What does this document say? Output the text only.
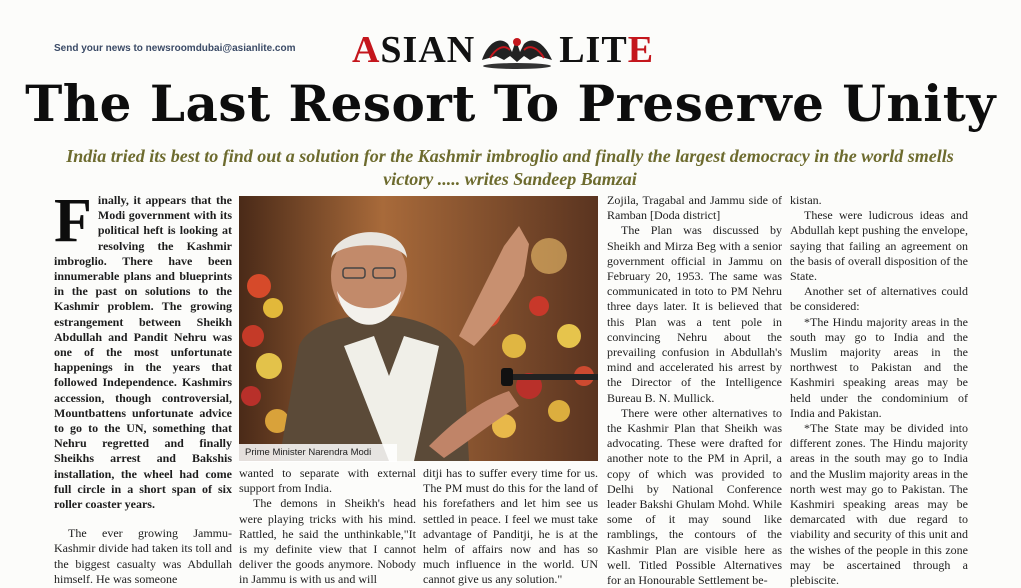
Send your news to newsroomdubai@asianlite.com ASIAN LITE
The Last Resort To Preserve Unity
India tried its best to find out a solution for the Kashmir imbroglio and finally the largest democracy in the world smells victory ..... writes Sandeep Bamzai

Finally, it appears that the Modi government with its political heft is looking at resolving the Kashmir imbroglio. There have been innumerable plans and blueprints in the past on solutions to the Kashmir problem. The growing estrangement between Sheikh Abdullah and Pandit Nehru was one of the most unfortunate happenings in the years that followed Independence. Kashmirs accession, though controversial, Mountbattens unfortunate advice to go to the UN, something that Nehru regretted and finally Sheikhs arrest and Bakshis installation, the wheel had come full circle in a short span of six roller coaster years.

The ever growing Jammu-Kashmir divide had taken its toll and the biggest casualty was Abdullah himself. He was someone

Prime Minister Narendra Modi

wanted to separate with external support from India.

The demons in Sheikh's head were playing tricks with his mind. Rattled, he said the unthinkable,"It is my definite view that I cannot deliver the goods anymore. Nobody in Jammu is with us and will

ditji has to suffer every time for us. The PM must do this for the land of his forefathers and let him see us settled in peace. I feel we must take advantage of Panditji, he is at the helm of affairs now and has so much influence in the world. UN cannot give us any solution."

Zojila, Tragabal and Jammu side of Ramban [Doda district]

The Plan was discussed by Sheikh and Mirza Beg with a senior government official in Jammu on February 20, 1953. The same was communicated in toto to PM Nehru three days later. It is believed that this Plan was a tent pole in convincing Nehru about the prevailing confusion in Abdullah's mind and accelerated his arrest by the Director of the Intelligence Bureau B. N. Mullick.

There were other alternatives to the Kashmir Plan that Sheikh was advocating. These were drafted for another note to the PM in April, a copy of which was provided to Delhi by National Conference leader Bakshi Ghulam Mohd. While some of it may sound like ramblings, the contours of the Kashmir Plan are visible here as well. Titled Possible Alternatives for an Honourable Settlement be-

kistan.

These were ludicrous ideas and Abdullah kept pushing the envelope, saying that failing an agreement on the basis of overall disposition of the State.

Another set of alternatives could be considered:

*The Hindu majority areas in the south may go to India and the Muslim majority areas in the northwest to Pakistan and the Kashmiri speaking areas may be held under the condominium of India and Pakistan.

*The State may be divided into different zones. The Hindu majority areas in the south may go to India and the Muslim majority areas in the north west may go to Pakistan. The Kashmiri speaking areas may be demarcated with due regard to viability and security of this unit and the wishes of the people in this zone may be ascertained through a plebiscite.
